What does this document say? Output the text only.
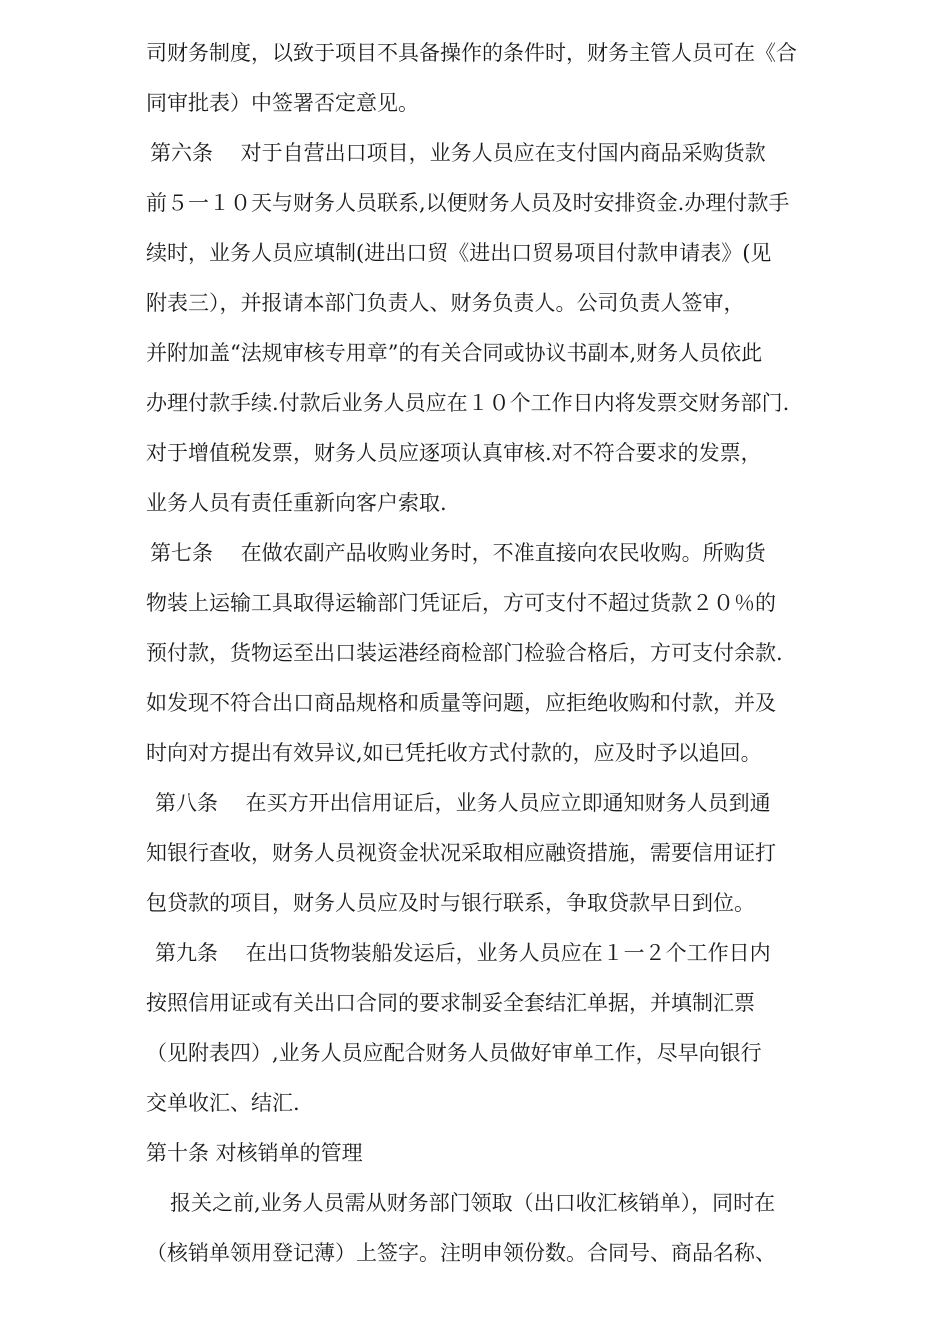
司财务制度，以致于项目不具备操作的条件时，财务主管人员可在《合
同审批表）中签署否定意见。
第六条　 对于自营出口项目，业务人员应在支付国内商品采购货款
前５一１０天与财务人员联系,以便财务人员及时安排资金.办理付款手
续时，业务人员应填制(进出口贸《进出口贸易项目付款申请表》(见
附表三），并报请本部门负责人、财务负责人。公司负责人签审，
并附加盖“法规审核专用章”的有关合同或协议书副本,财务人员依此
办理付款手续.付款后业务人员应在１０个工作日内将发票交财务部门.
对于增值税发票，财务人员应逐项认真审核.对不符合要求的发票，
业务人员有责任重新向客户索取.
第七条　 在做农副产品收购业务时，不准直接向农民收购。所购货
物装上运输工具取得运输部门凭证后，方可支付不超过货款２０％的
预付款，货物运至出口装运港经商检部门检验合格后，方可支付余款.
如发现不符合出口商品规格和质量等问题，应拒绝收购和付款，并及
时向对方提出有效异议,如已凭托收方式付款的，应及时予以追回。
第八条　 在买方开出信用证后，业务人员应立即通知财务人员到通
知银行查收，财务人员视资金状况采取相应融资措施，需要信用证打
包贷款的项目，财务人员应及时与银行联系，争取贷款早日到位。
第九条　 在出口货物装船发运后，业务人员应在１一２个工作日内
按照信用证或有关出口合同的要求制妥全套结汇单据，并填制汇票
（见附表四）,业务人员应配合财务人员做好审单工作，尽早向银行
交单收汇、结汇.
第十条 对核销单的管理
报关之前,业务人员需从财务部门领取（出口收汇核销单），同时在
（核销单领用登记薄）上签字。注明申领份数。合同号、商品名称、
